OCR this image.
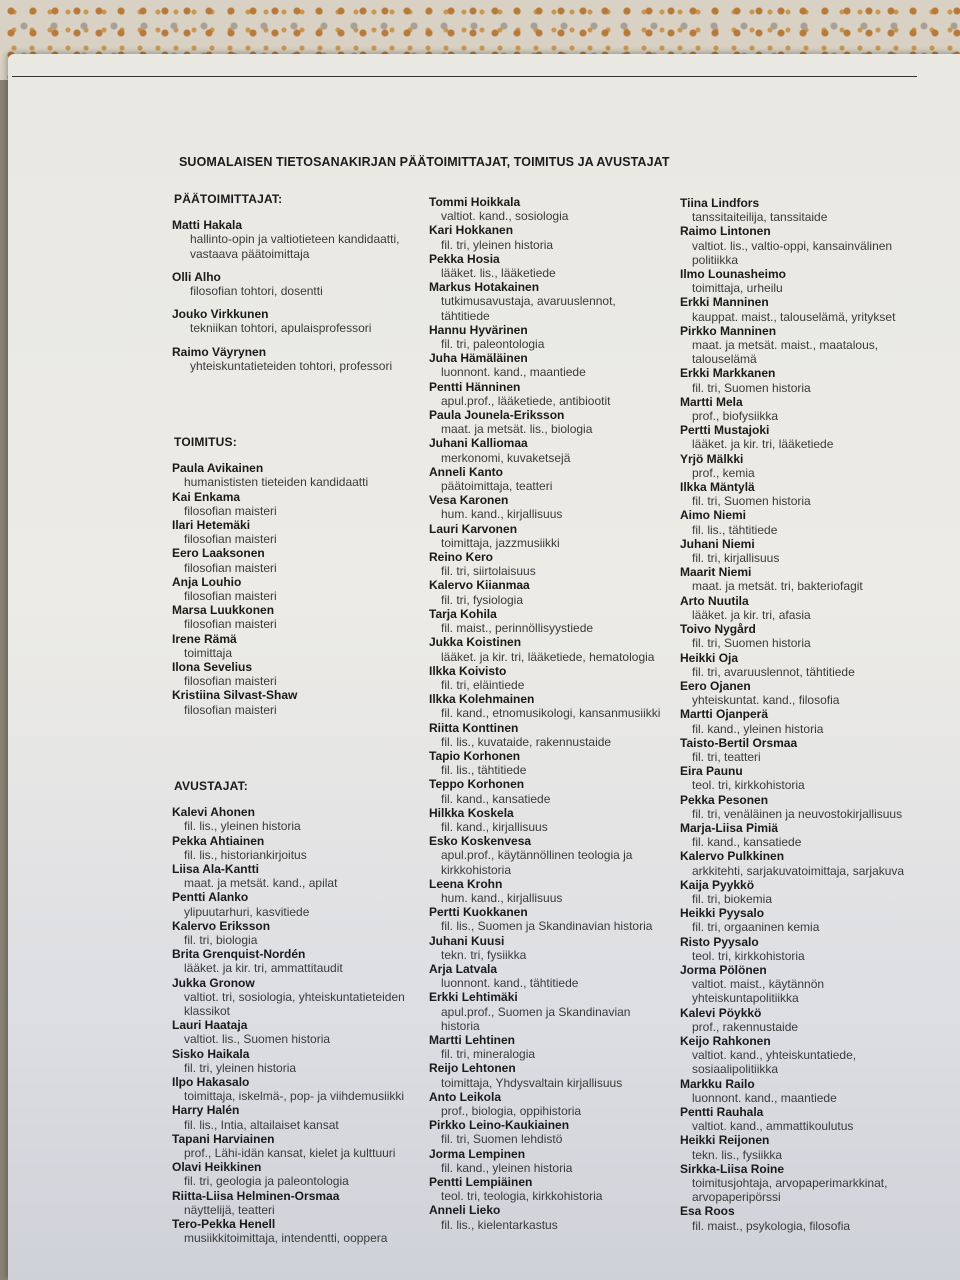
SUOMALAISEN TIETOSANAKIRJAN PÄÄTOIMITTAJAT, TOIMITUS JA AVUSTAJAT
PÄÄTOIMITTAJAT:
Matti Hakala
hallinto-opin ja valtiotieteen kandidaatti, vastaava päätoimittaja
Olli Alho
filosofian tohtori, dosentti
Jouko Virkkunen
tekniikan tohtori, apulaisprofessori
Raimo Väyrynen
yhteiskuntatieteiden tohtori, professori
TOIMITUS:
Paula Avikainen
humanististen tieteiden kandidaatti
Kai Enkama
filosofian maisteri
Ilari Hetemäki
filosofian maisteri
Eero Laaksonen
filosofian maisteri
Anja Louhio
filosofian maisteri
Marsa Luukkonen
filosofian maisteri
Irene Rämä
toimittaja
Ilona Sevelius
filosofian maisteri
Kristiina Silvast-Shaw
filosofian maisteri
AVUSTAJAT:
Kalevi Ahonen
fil. lis., yleinen historia
Pekka Ahtiainen
fil. lis., historiankirjoitus
Liisa Ala-Kantti
maat. ja metsät. kand., apilat
Pentti Alanko
ylipuutarhuri, kasvitiede
Kalervo Eriksson
fil. tri, biologia
Brita Grenquist-Nordén
lääket. ja kir. tri, ammattitaudit
Jukka Gronow
valtiot. tri, sosiologia, yhteiskuntatieteiden klassikot
Lauri Haataja
valtiot. lis., Suomen historia
Sisko Haikala
fil. tri, yleinen historia
Ilpo Hakasalo
toimittaja, iskelmä-, pop- ja viihdemusiikki
Harry Halén
fil. lis., Intia, altailaiset kansat
Tapani Harviainen
prof., Lähi-idän kansat, kielet ja kulttuuri
Olavi Heikkinen
fil. tri, geologia ja paleontologia
Riitta-Liisa Helminen-Orsmaa
näyttelijä, teatteri
Tero-Pekka Henell
musiikkitoimittaja, intendentti, ooppera
Tommi Hoikkala
valtiot. kand., sosiologia
Kari Hokkanen
fil. tri, yleinen historia
Pekka Hosia
lääket. lis., lääketiede
Markus Hotakainen
tutkimusavustaja, avaruuslennot, tähtitiede
Hannu Hyvärinen
fil. tri, paleontologia
Juha Hämäläinen
luonnont. kand., maantiede
Pentti Hänninen
apul.prof., lääketiede, antibiootit
Paula Jounela-Eriksson
maat. ja metsät. lis., biologia
Juhani Kalliomaa
merkonomi, kuvaketsejä
Anneli Kanto
päätoimittaja, teatteri
Vesa Karonen
hum. kand., kirjallisuus
Lauri Karvonen
toimittaja, jazzmusiikki
Reino Kero
fil. tri, siirtolaisuus
Kalervo Kiianmaa
fil. tri, fysiologia
Tarja Kohila
fil. maist., perinnöllisyystiede
Jukka Koistinen
lääket. ja kir. tri, lääketiede, hematologia
Ilkka Koivisto
fil. tri, eläintiede
Ilkka Kolehmainen
fil. kand., etnomusikologi, kansanmusiikki
Riitta Konttinen
fil. lis., kuvataide, rakennustaide
Tapio Korhonen
fil. lis., tähtitiede
Teppo Korhonen
fil. kand., kansatiede
Hilkka Koskela
fil. kand., kirjallisuus
Esko Koskenvesa
apul.prof., käytännöllinen teologia ja kirkkohistoria
Leena Krohn
hum. kand., kirjallisuus
Pertti Kuokkanen
fil. lis., Suomen ja Skandinavian historia
Juhani Kuusi
tekn. tri, fysiikka
Arja Latvala
luonnont. kand., tähtitiede
Erkki Lehtimäki
apul.prof., Suomen ja Skandinavian historia
Martti Lehtinen
fil. tri, mineralogia
Reijo Lehtonen
toimittaja, Yhdysvaltain kirjallisuus
Anto Leikola
prof., biologia, oppihistoria
Pirkko Leino-Kaukiainen
fil. tri, Suomen lehdistö
Jorma Lempinen
fil. kand., yleinen historia
Pentti Lempiäinen
teol. tri, teologia, kirkkohistoria
Anneli Lieko
fil. lis., kielentarkastus
Tiina Lindfors
tanssitaiteilija, tanssitaide
Raimo Lintonen
valtiot. lis., valtio-oppi, kansainvälinen politiikka
Ilmo Lounasheimo
toimittaja, urheilu
Erkki Manninen
kauppat. maist., talouselämä, yritykset
Pirkko Manninen
maat. ja metsät. maist., maatalous, talouselämä
Erkki Markkanen
fil. tri, Suomen historia
Martti Mela
prof., biofysiikka
Pertti Mustajoki
lääket. ja kir. tri, lääketiede
Yrjö Mälkki
prof., kemia
Ilkka Mäntylä
fil. tri, Suomen historia
Aimo Niemi
fil. lis., tähtitiede
Juhani Niemi
fil. tri, kirjallisuus
Maarit Niemi
maat. ja metsät. tri, bakteriofagit
Arto Nuutila
lääket. ja kir. tri, afasia
Toivo Nygård
fil. tri, Suomen historia
Heikki Oja
fil. tri, avaruuslennot, tähtitiede
Eero Ojanen
yhteiskuntat. kand., filosofia
Martti Ojanperä
fil. kand., yleinen historia
Taisto-Bertil Orsmaa
fil. tri, teatteri
Eira Paunu
teol. tri, kirkkohistoria
Pekka Pesonen
fil. tri, venäläinen ja neuvostokirjallisuus
Marja-Liisa Pimiä
fil. kand., kansatiede
Kalervo Pulkkinen
arkkitehti, sarjakuvatoimittaja, sarjakuva
Kaija Pyykkö
fil. tri, biokemia
Heikki Pyysalo
fil. tri, orgaaninen kemia
Risto Pyysalo
teol. tri, kirkkohistoria
Jorma Pölönen
valtiot. maist., käytännön yhteiskuntapolitiikka
Kalevi Pöykkö
prof., rakennustaide
Keijo Rahkonen
valtiot. kand., yhteiskuntatiede, sosiaalipolitiikka
Markku Railo
luonnont. kand., maantiede
Pentti Rauhala
valtiot. kand., ammattikoulutus
Heikki Reijonen
tekn. lis., fysiikka
Sirkka-Liisa Roine
toimitusjohtaja, arvopaperimarkkinat, arvopaperipörssi
Esa Roos
fil. maist., psykologia, filosofia
